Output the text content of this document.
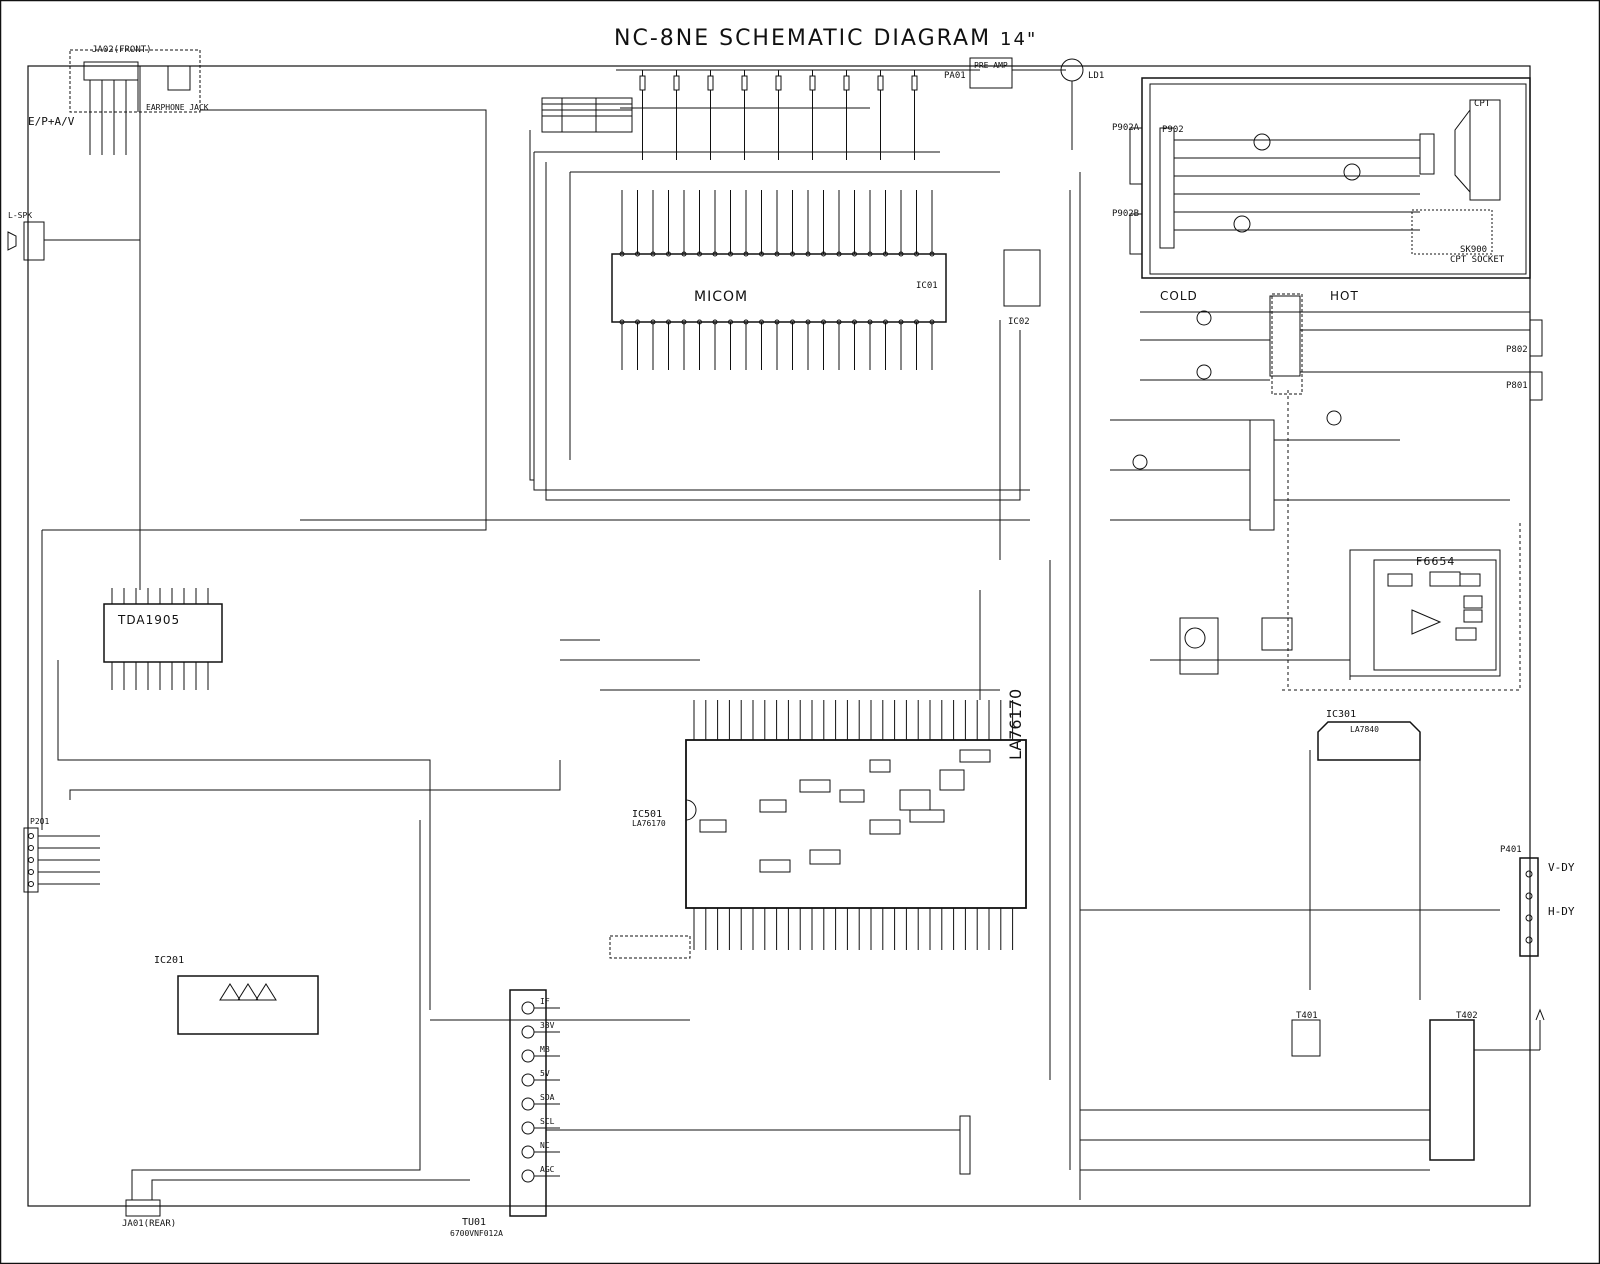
NC-8NE SCHEMATIC DIAGRAM 14"
MICOM
IC01
IC02
TDA1905
IC501
LA76170
LA76170
IC201
IC301
LA7840
F6654
CPT
SK900
CPT SOCKET
TU01
6700VNF012A
COLD	HOT
T401	T402
PA01
PRE-AMP
LD1
JA02(FRONT)
JA01(REAR)
E/P+A/V
EARPHONE JACK
P902A
P902B
P902
P802
P801
P401
V-DY
H-DY
P201
L-SPK
IF
33V
MB
5V
SDA
SCL
NC
AGC
